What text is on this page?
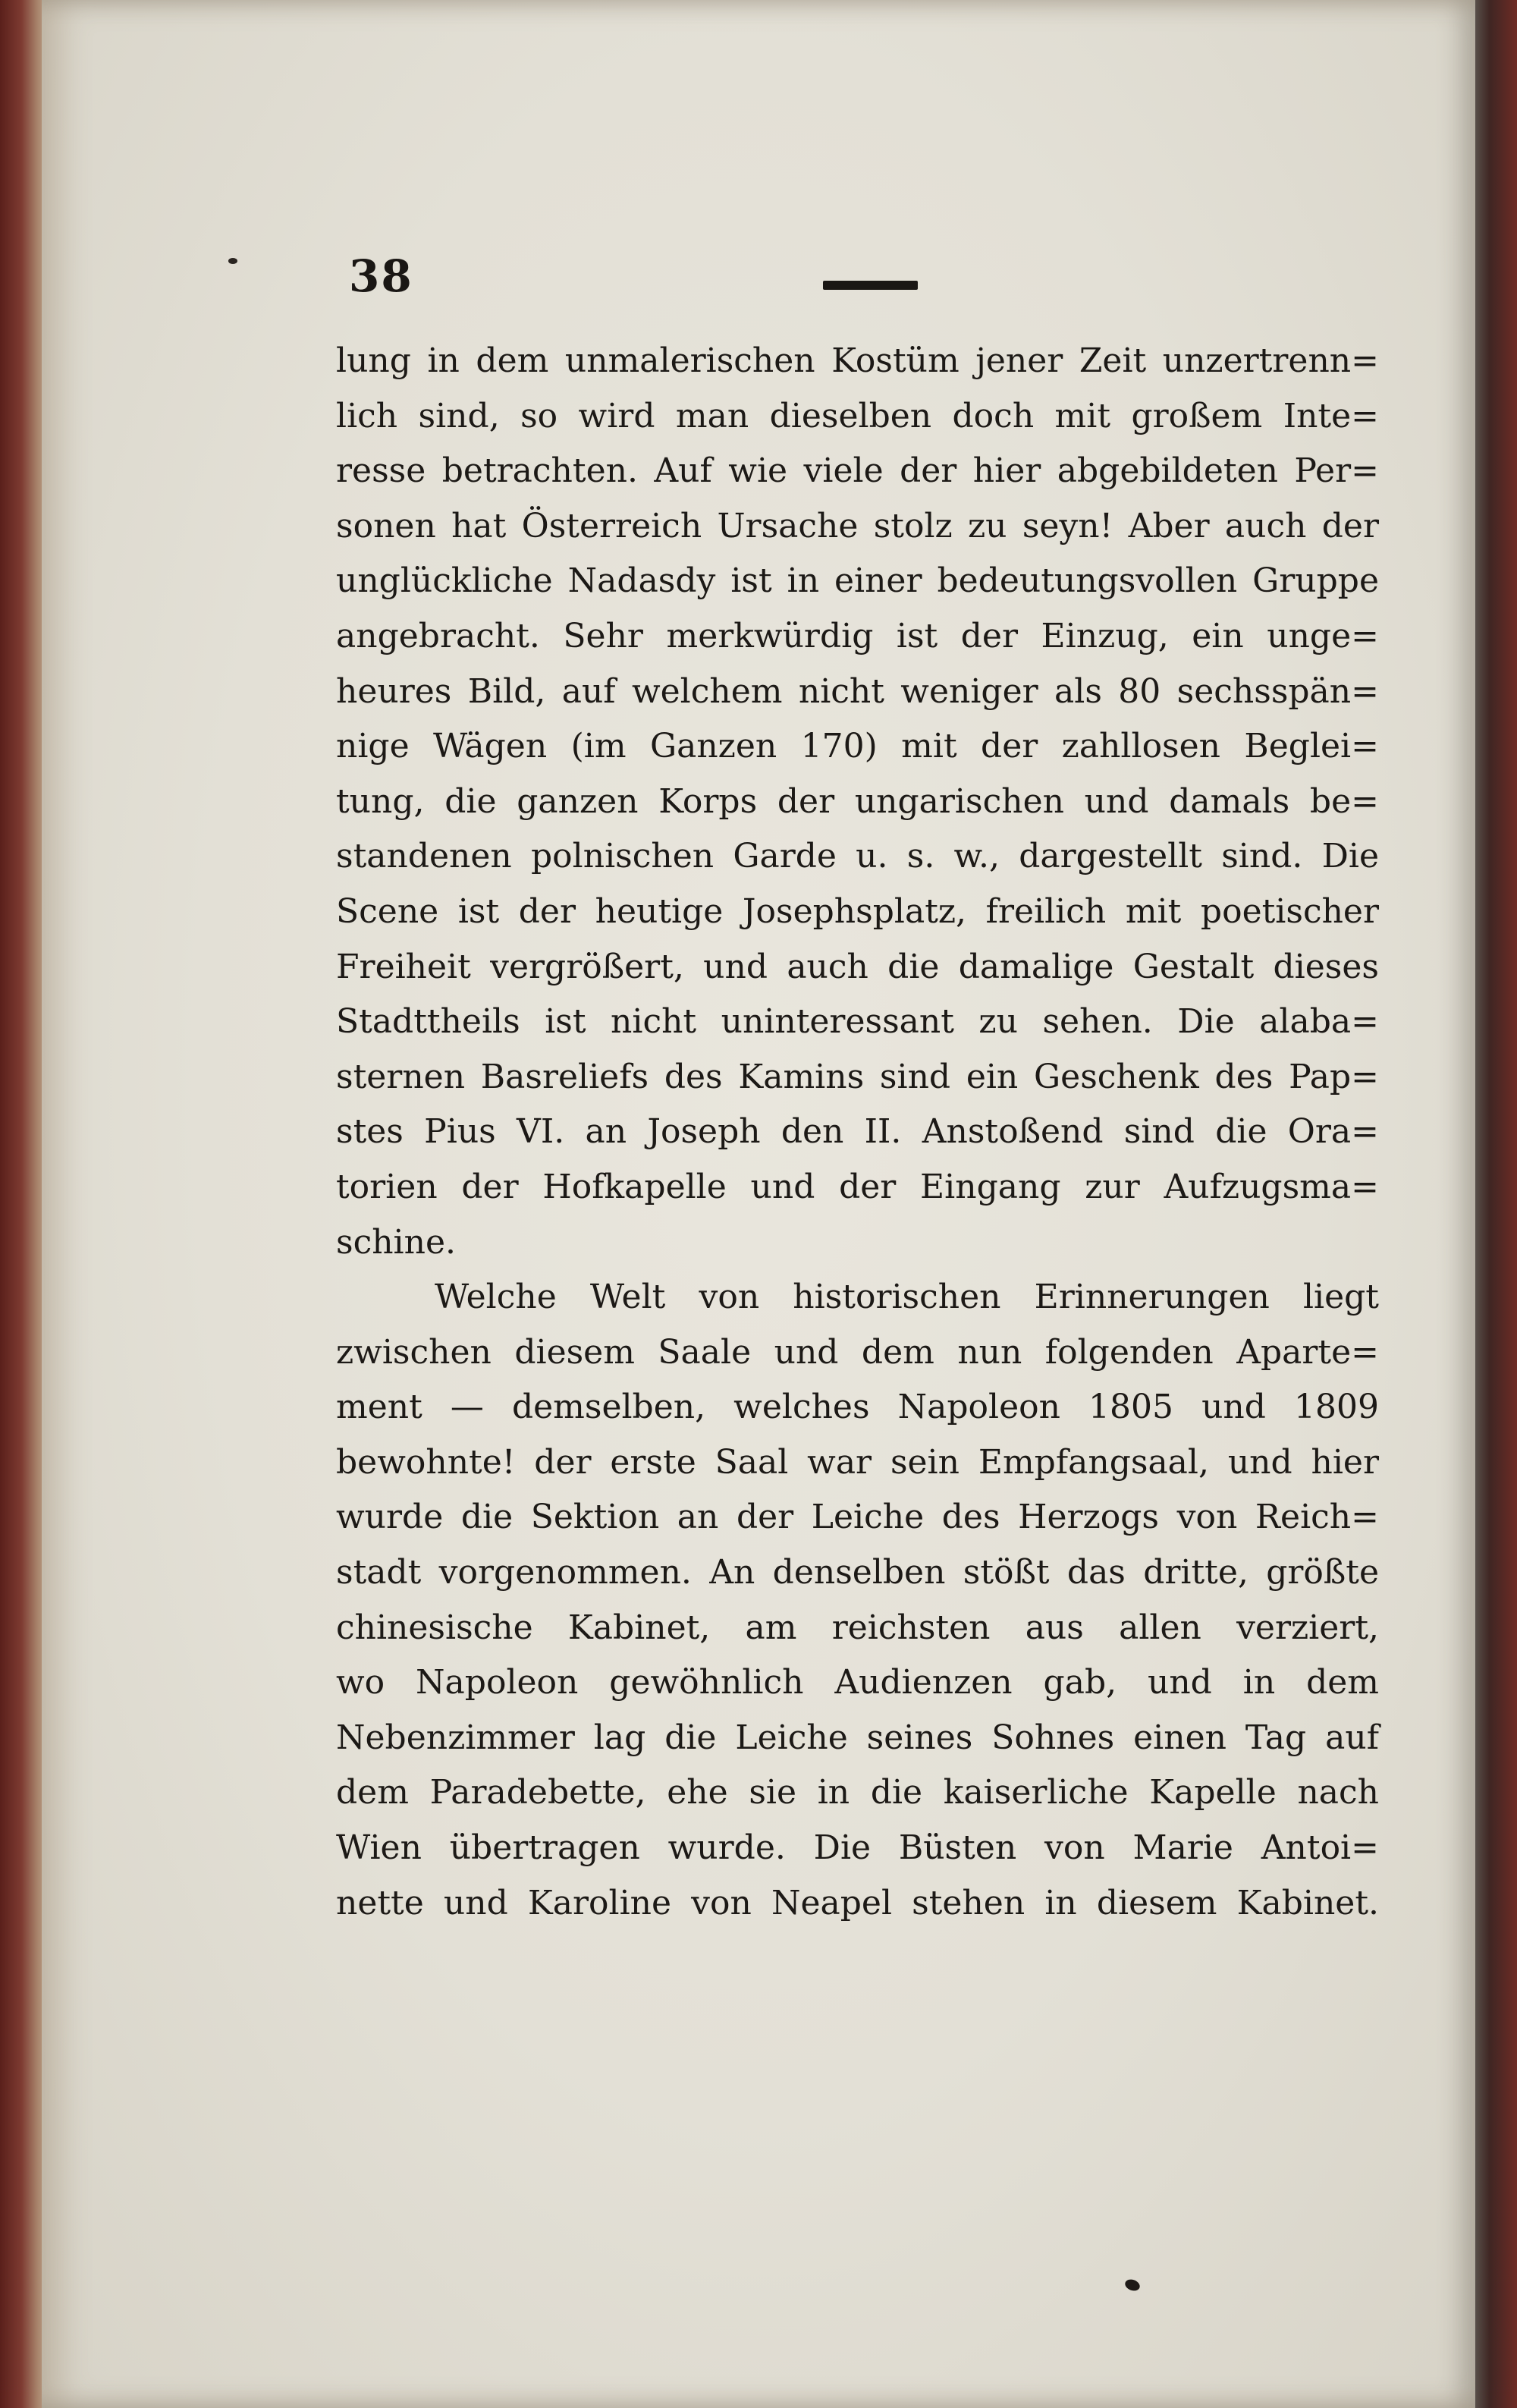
38
lung in dem unmalerischen Kostüm jener Zeit unzertrenn=
lich sind, so wird man dieselben doch mit großem Inte=
resse betrachten. Auf wie viele der hier abgebildeten Per=
sonen hat Österreich Ursache stolz zu seyn! Aber auch der
unglückliche Nadasdy ist in einer bedeutungsvollen Gruppe
angebracht. Sehr merkwürdig ist der Einzug, ein unge=
heures Bild, auf welchem nicht weniger als 80 sechsspän=
nige Wägen (im Ganzen 170) mit der zahllosen Beglei=
tung, die ganzen Korps der ungarischen und damals be=
standenen polnischen Garde u. s. w., dargestellt sind. Die
Scene ist der heutige Josephsplatz, freilich mit poetischer
Freiheit vergrößert, und auch die damalige Gestalt dieses
Stadttheils ist nicht uninteressant zu sehen. Die alaba=
sternen Basreliefs des Kamins sind ein Geschenk des Pap=
stes Pius VI. an Joseph den II. Anstoßend sind die Ora=
torien der Hofkapelle und der Eingang zur Aufzugsma=
schine.
Welche Welt von historischen Erinnerungen liegt
zwischen diesem Saale und dem nun folgenden Aparte=
ment — demselben, welches Napoleon 1805 und 1809
bewohnte! der erste Saal war sein Empfangsaal, und hier
wurde die Sektion an der Leiche des Herzogs von Reich=
stadt vorgenommen. An denselben stößt das dritte, größte
chinesische Kabinet, am reichsten aus allen verziert,
wo Napoleon gewöhnlich Audienzen gab, und in dem
Nebenzimmer lag die Leiche seines Sohnes einen Tag auf
dem Paradebette, ehe sie in die kaiserliche Kapelle nach
Wien übertragen wurde. Die Büsten von Marie Antoi=
nette und Karoline von Neapel stehen in diesem Kabinet.
